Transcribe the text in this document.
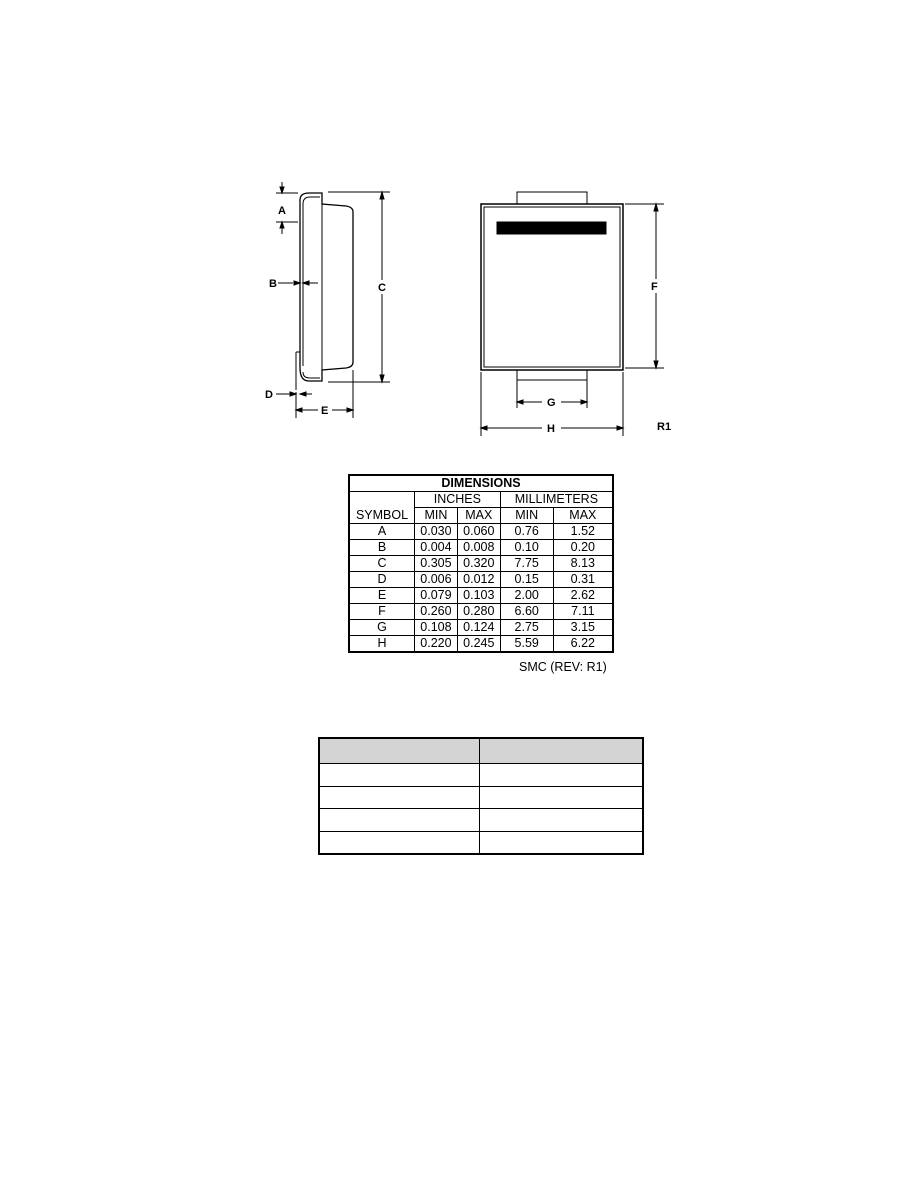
A
B	C
D
E
F
G
H	R1
DIMENSIONS				
SYMBOL	INCHES		MILLIMETERS	
	MIN	MAX	MIN	MAX
A	0.030	0.060	0.76	1.52
B	0.004	0.008	0.10	0.20
C	0.305	0.320	7.75	8.13
D	0.006	0.012	0.15	0.31
E	0.079	0.103	2.00	2.62
F	0.260	0.280	6.60	7.11
G	0.108	0.124	2.75	3.15
H	0.220	0.245	5.59	6.22
SMC (REV: R1)
